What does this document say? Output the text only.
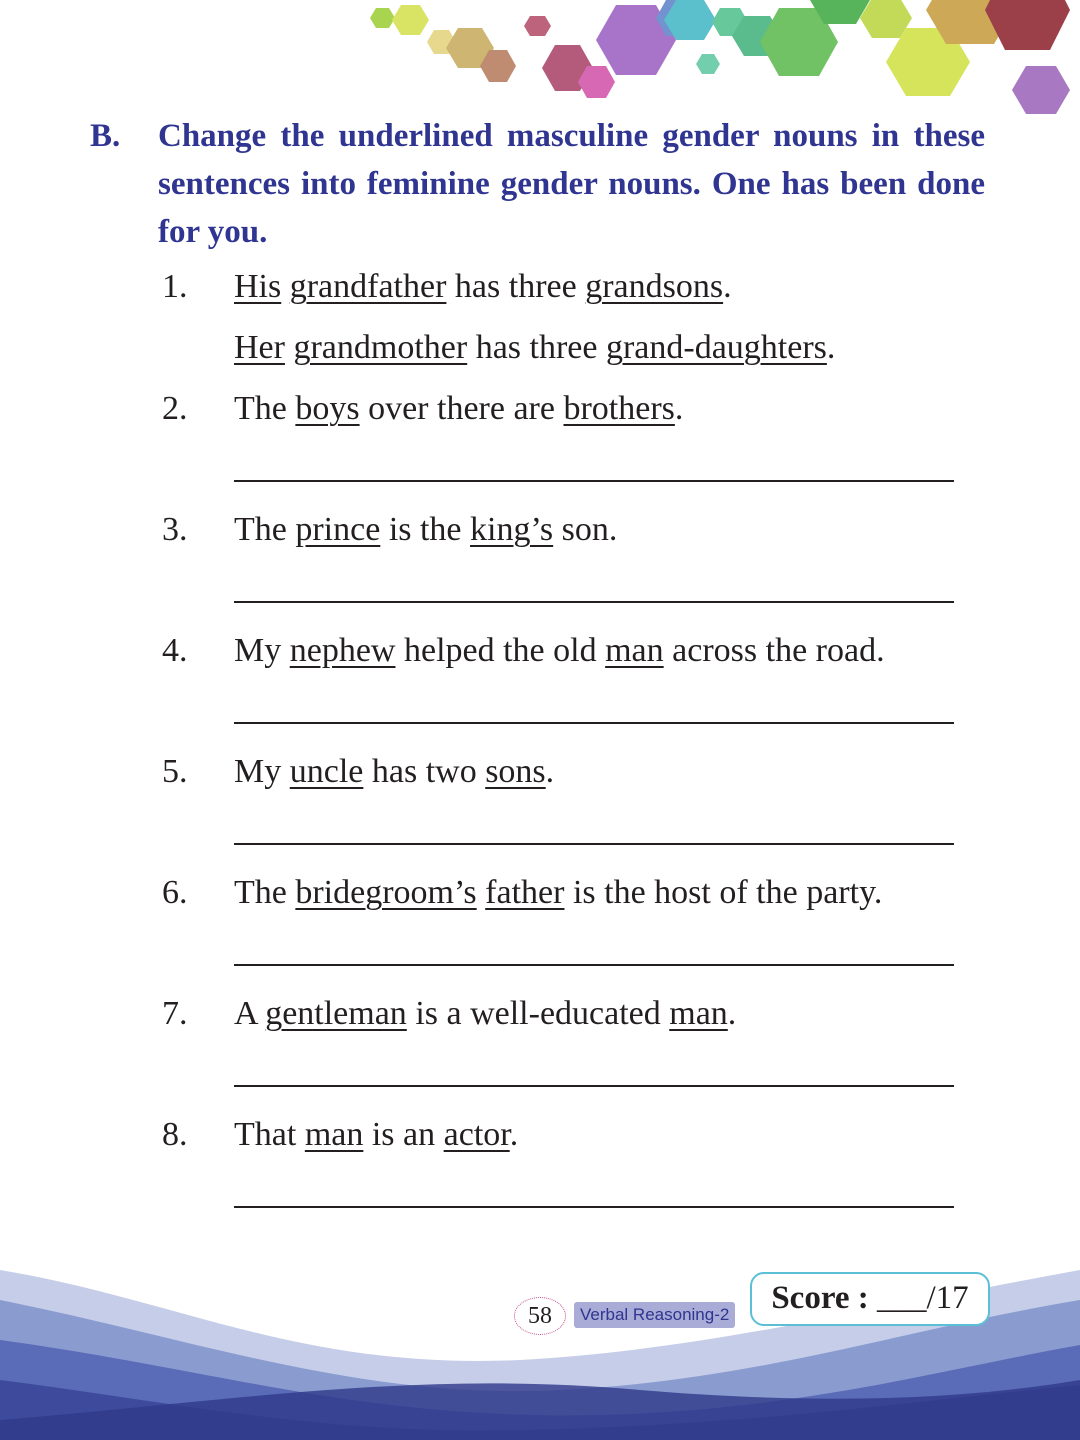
B. Change the underlined masculine gender nouns in these sentences into feminine gender nouns. One has been done for you.
1. His grandfather has three grandsons.
Her grandmother has three grand-daughters.
2. The boys over there are brothers.
3. The prince is the king’s son.
4. My nephew helped the old man across the road.
5. My uncle has two sons.
6. The bridegroom’s father is the host of the party.
7. A gentleman is a well-educated man.
8. That man is an actor.
58	Verbal Reasoning-2	Score : ___/17
